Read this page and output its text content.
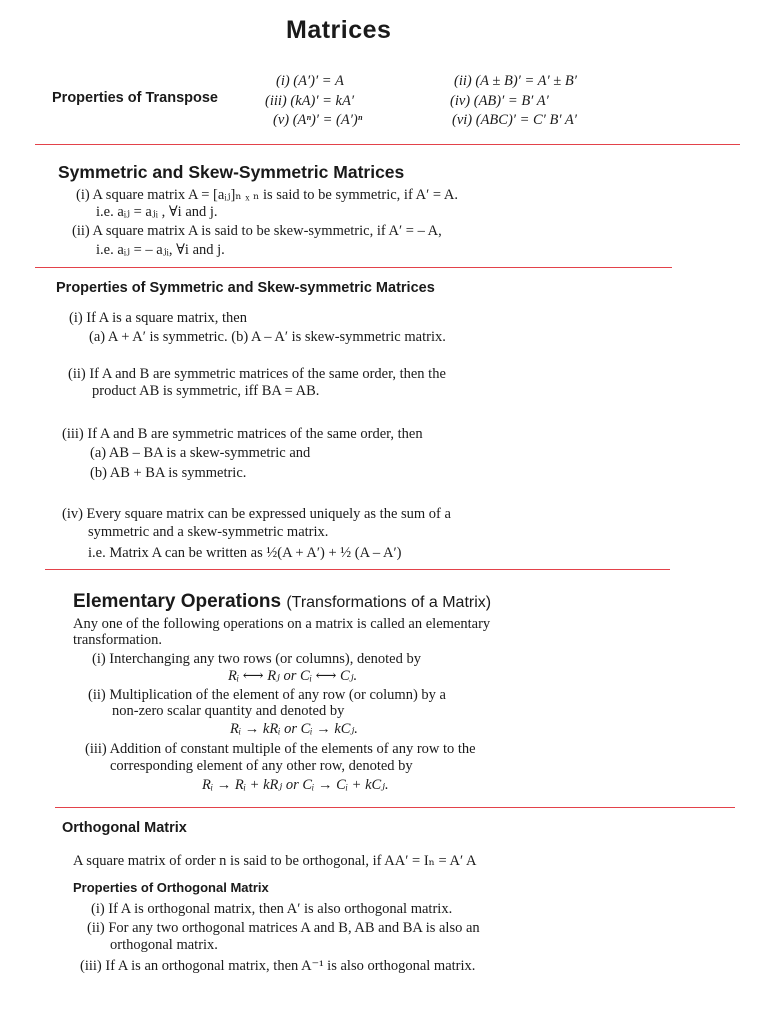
Matrices
Properties of Transpose
(i) (A′)′ = A	(ii) (A ± B)′ = A′ ± B′
(iii) (kA)′ = kA′	(iv) (AB)′ = B′ A′
(v) (Aⁿ)′ = (A′)ⁿ	(vi) (ABC)′ = C′ B′ A′
Symmetric and Skew-Symmetric Matrices
(i) A square matrix A = [aᵢⱼ]ₙ ₓ ₙ is said to be symmetric, if A′ = A.
i.e. aᵢⱼ = aⱼᵢ , ∀i and j.
(ii) A square matrix A is said to be skew-symmetric, if A′ = – A,
i.e. aᵢⱼ = – aⱼᵢ, ∀i and j.
Properties of Symmetric and Skew-symmetric Matrices
(i) If A is a square matrix, then
(a) A + A′ is symmetric. (b) A – A′ is skew-symmetric matrix.
(ii) If A and B are symmetric matrices of the same order, then the
product AB is symmetric, iff BA = AB.
(iii) If A and B are symmetric matrices of the same order, then
(a) AB – BA is a skew-symmetric and
(b) AB + BA is symmetric.
(iv) Every square matrix can be expressed uniquely as the sum of a
symmetric and a skew-symmetric matrix.
i.e. Matrix A can be written as ½(A + A′) + ½ (A – A′)
Elementary Operations (Transformations of a Matrix)
Any one of the following operations on a matrix is called an elementary
transformation.
(i) Interchanging any two rows (or columns), denoted by
Rᵢ ⟷ Rⱼ or Cᵢ ⟷ Cⱼ.
(ii) Multiplication of the element of any row (or column) by a
non-zero scalar quantity and denoted by
Rᵢ → kRᵢ or Cᵢ → kCⱼ.
(iii) Addition of constant multiple of the elements of any row to the
corresponding element of any other row, denoted by
Rᵢ → Rᵢ + kRⱼ or Cᵢ → Cᵢ + kCⱼ.
Orthogonal Matrix
A square matrix of order n is said to be orthogonal, if AA′ = Iₙ = A′ A
Properties of Orthogonal Matrix
(i) If A is orthogonal matrix, then A′ is also orthogonal matrix.
(ii) For any two orthogonal matrices A and B, AB and BA is also an
orthogonal matrix.
(iii) If A is an orthogonal matrix, then A⁻¹ is also orthogonal matrix.
